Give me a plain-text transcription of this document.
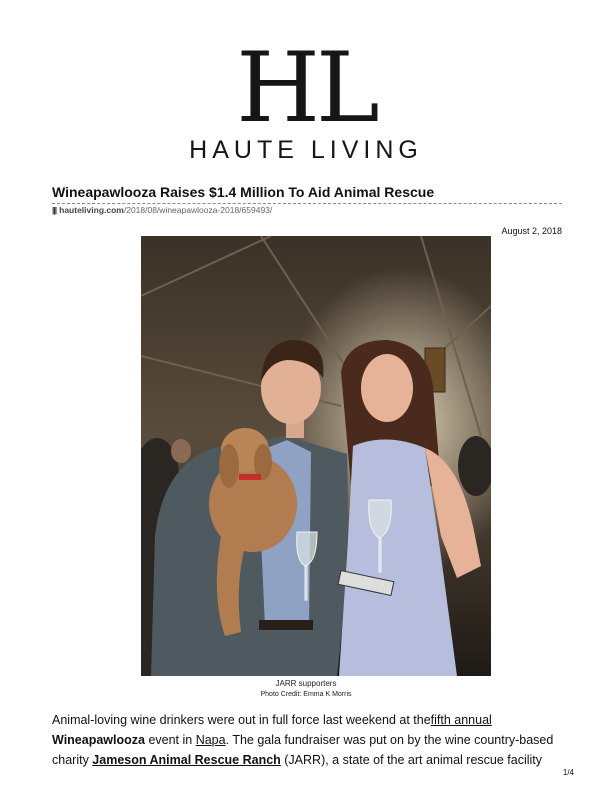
HL
HAUTE LIVING
Wineapawlooza Raises $1.4 Million To Aid Animal Rescue
||| hauteliving.com/2018/08/wineapawlooza-2018/659493/
August 2, 2018
JARR supporters
Photo Credit: Emma K Morris
Animal-loving wine drinkers were out in full force last weekend at thefifth annual
Wineapawlooza event in Napa. The gala fundraiser was put on by the wine country-based charity Jameson Animal Rescue Ranch (JARR), a state of the art animal rescue facility
1/4
